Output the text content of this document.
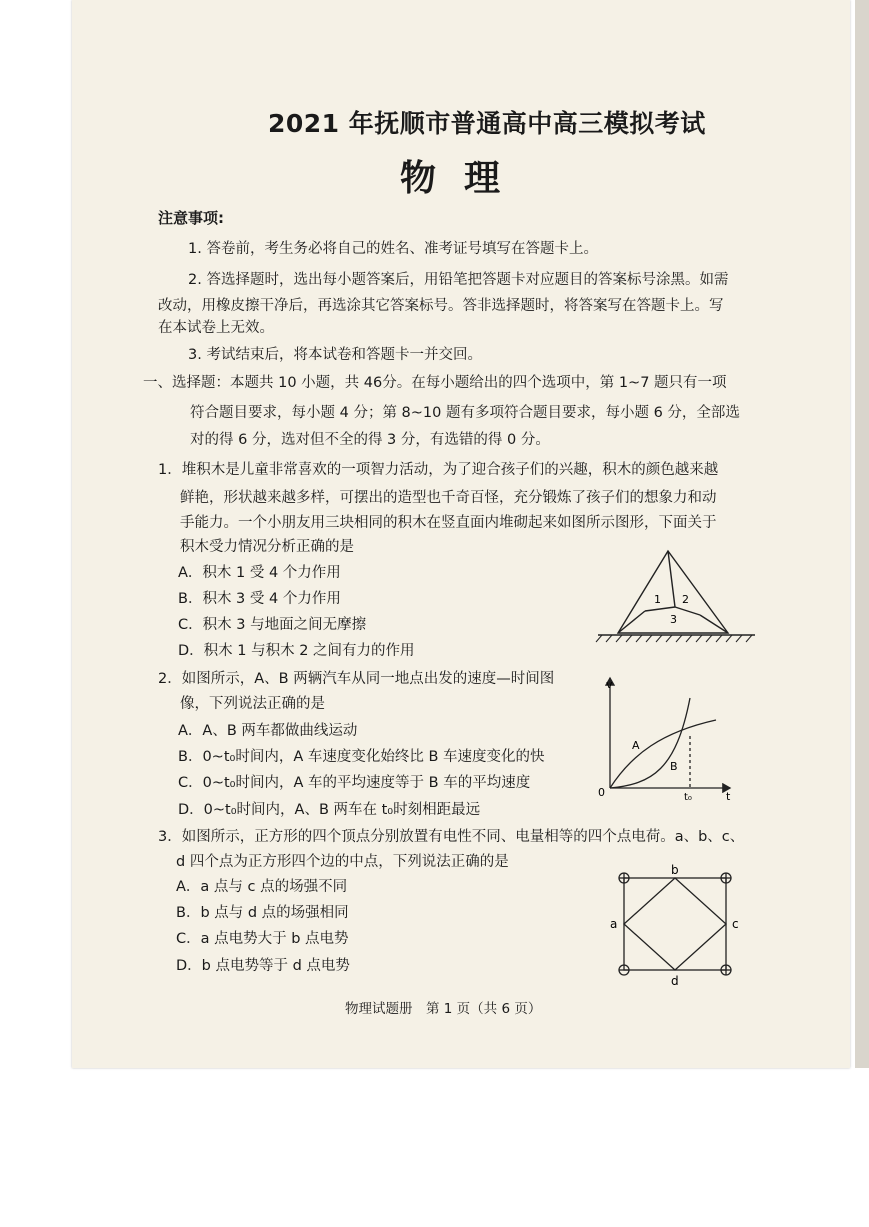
2021 年抚顺市普通高中高三模拟考试
物理
注意事项:
1. 答卷前，考生务必将自己的姓名、准考证号填写在答题卡上。
2. 答选择题时，选出每小题答案后，用铅笔把答题卡对应题目的答案标号涂黑。如需
改动，用橡皮擦干净后，再选涂其它答案标号。答非选择题时，将答案写在答题卡上。写
在本试卷上无效。
3. 考试结束后，将本试卷和答题卡一并交回。
一、选择题：本题共 10 小题，共 46分。在每小题给出的四个选项中，第 1~7 题只有一项
符合题目要求，每小题 4 分；第 8~10 题有多项符合题目要求，每小题 6 分，全部选
对的得 6 分，选对但不全的得 3 分，有选错的得 0 分。
1．堆积木是儿童非常喜欢的一项智力活动，为了迎合孩子们的兴趣，积木的颜色越来越
鲜艳，形状越来越多样，可摆出的造型也千奇百怪，充分锻炼了孩子们的想象力和动
手能力。一个小朋友用三块相同的积木在竖直面内堆砌起来如图所示图形，下面关于
积木受力情况分析正确的是
A．积木 1 受 4 个力作用
B．积木 3 受 4 个力作用
C．积木 3 与地面之间无摩擦
D．积木 1 与积木 2 之间有力的作用
1 2
3
2．如图所示，A、B 两辆汽车从同一地点出发的速度—时间图
像，下列说法正确的是
A．A、B 两车都做曲线运动
B．0~t₀时间内，A 车速度变化始终比 B 车速度变化的快
C．0~t₀时间内，A 车的平均速度等于 B 车的平均速度
D．0~t₀时间内，A、B 两车在 t₀时刻相距最远
v
t
0	t₀
A
B
3．如图所示，正方形的四个顶点分别放置有电性不同、电量相等的四个点电荷。a、b、c、
d 四个点为正方形四个边的中点，下列说法正确的是
A．a 点与 c 点的场强不同
B．b 点与 d 点的场强相同
C．a 点电势大于 b 点电势
D．b 点电势等于 d 点电势
b
a	c
d
物理试题册　第 1 页（共 6 页）
